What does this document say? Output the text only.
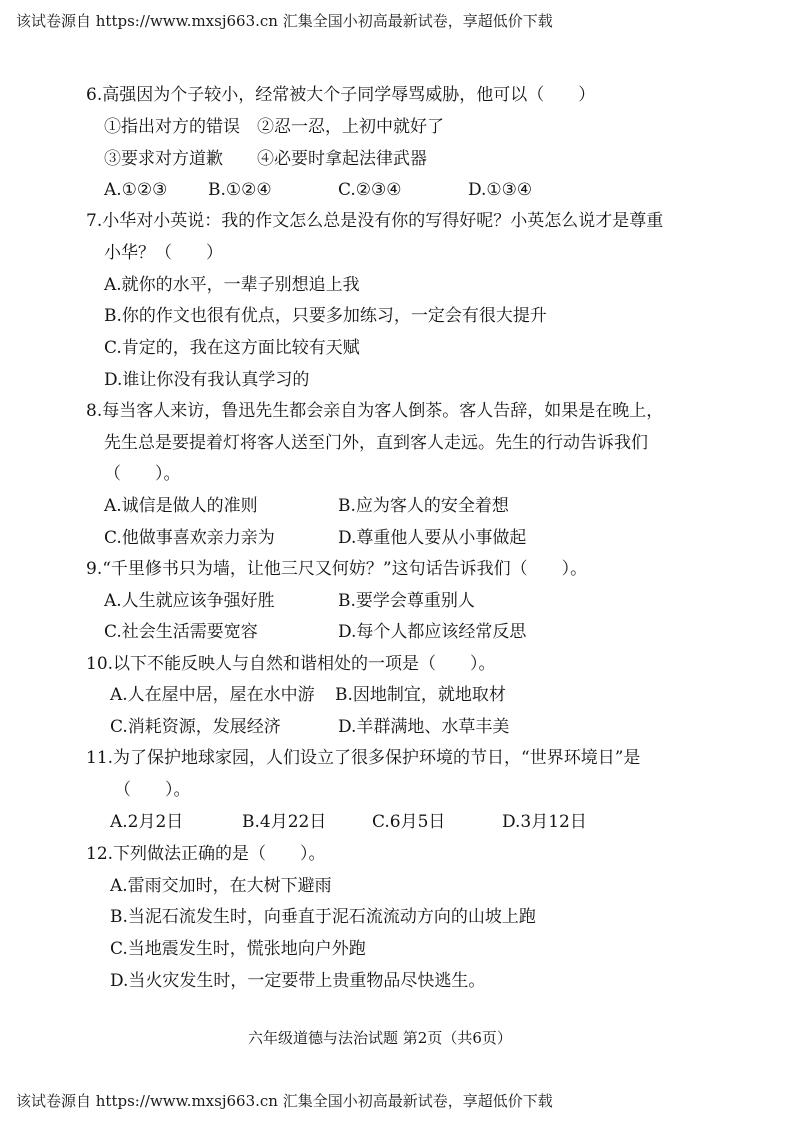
该试卷源自 https://www.mxsj663.cn 汇集全国小初高最新试卷，享超低价下载
6.高强因为个子较小，经常被大个子同学辱骂威胁，他可以（　　）
①指出对方的错误　②忍一忍，上初中就好了
③要求对方道歉　　④必要时拿起法律武器
A.①②③ B.①②④	C.②③④	D.①③④
7.小华对小英说：我的作文怎么总是没有你的写得好呢？小英怎么说才是尊重
小华？（　　）
A.就你的水平，一辈子别想追上我
B.你的作文也很有优点，只要多加练习，一定会有很大提升
C.肯定的，我在这方面比较有天赋
D.谁让你没有我认真学习的
8.每当客人来访，鲁迅先生都会亲自为客人倒茶。客人告辞，如果是在晚上，
先生总是要提着灯将客人送至门外，直到客人走远。先生的行动告诉我们
（　　）。
A.诚信是做人的准则	B.应为客人的安全着想
C.他做事喜欢亲力亲为	D.尊重他人要从小事做起
9.“千里修书只为墙，让他三尺又何妨？”这句话告诉我们（　　）。
A.人生就应该争强好胜	B.要学会尊重别人
C.社会生活需要宽容	D.每个人都应该经常反思
10.以下不能反映人与自然和谐相处的一项是（　　）。
A.人在屋中居，屋在水中游 B.因地制宜，就地取材
C.消耗资源，发展经济	D.羊群满地、水草丰美
11.为了保护地球家园，人们设立了很多保护环境的节日，“世界环境日”是
（　　）。
A.2月2日	B.4月22日	C.6月5日	D.3月12日
12.下列做法正确的是（　　）。
A.雷雨交加时，在大树下避雨
B.当泥石流发生时，向垂直于泥石流流动方向的山坡上跑
C.当地震发生时，慌张地向户外跑
D.当火灾发生时，一定要带上贵重物品尽快逃生。
六年级道德与法治试题 第2页（共6页）
该试卷源自 https://www.mxsj663.cn 汇集全国小初高最新试卷，享超低价下载
